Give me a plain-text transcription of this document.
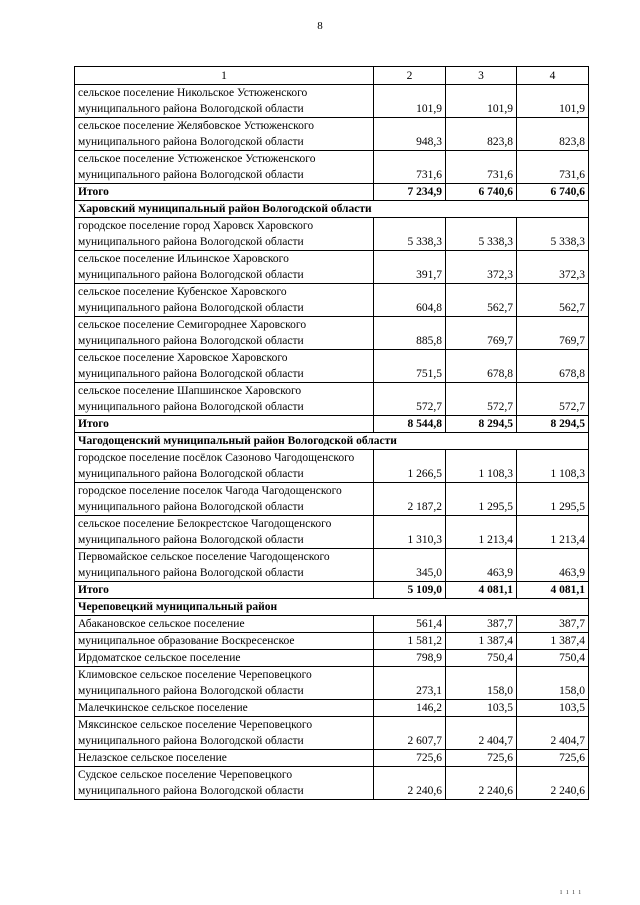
8
1	2	3	4
сельское поселение Никольское Устюженского муниципального района Вологодской области	101,9	101,9	101,9
сельское поселение Желябовское Устюженского муниципального района Вологодской области	948,3	823,8	823,8
сельское поселение Устюженское Устюженского муниципального района Вологодской области	731,6	731,6	731,6
Итого	7 234,9	6 740,6	6 740,6
Харовский муниципальный район Вологодской области			
городское поселение город Харовск Харовского муниципального района Вологодской области	5 338,3	5 338,3	5 338,3
сельское поселение Ильинское Харовского муниципального района Вологодской области	391,7	372,3	372,3
сельское поселение Кубенское Харовского муниципального района Вологодской области	604,8	562,7	562,7
сельское поселение Семигороднее Харовского муниципального района Вологодской области	885,8	769,7	769,7
сельское поселение Харовское Харовского муниципального района Вологодской области	751,5	678,8	678,8
сельское поселение Шапшинское Харовского муниципального района Вологодской области	572,7	572,7	572,7
Итого	8 544,8	8 294,5	8 294,5
Чагодощенский муниципальный район Вологодской области			
городское поселение посёлок Сазоново Чагодощенского муниципального района Вологодской области	1 266,5	1 108,3	1 108,3
городское поселение поселок Чагода Чагодощенского муниципального района Вологодской области	2 187,2	1 295,5	1 295,5
сельское поселение Белокрестское Чагодощенского муниципального района Вологодской области	1 310,3	1 213,4	1 213,4
Первомайское сельское поселение Чагодощенского муниципального района Вологодской области	345,0	463,9	463,9
Итого	5 109,0	4 081,1	4 081,1
Череповецкий муниципальный район			
Абакановское сельское поселение	561,4	387,7	387,7
муниципальное образование Воскресенское	1 581,2	1 387,4	1 387,4
Ирдоматское сельское поселение	798,9	750,4	750,4
Климовское сельское поселение Череповецкого муниципального района Вологодской области	273,1	158,0	158,0
Малечкинское сельское поселение	146,2	103,5	103,5
Мяксинское сельское поселение Череповецкого муниципального района Вологодской области	2 607,7	2 404,7	2 404,7
Нелазское сельское поселение	725,6	725,6	725,6
Судское сельское поселение Череповецкого муниципального района Вологодской области	2 240,6	2 240,6	2 240,6
ı ı ı ı
